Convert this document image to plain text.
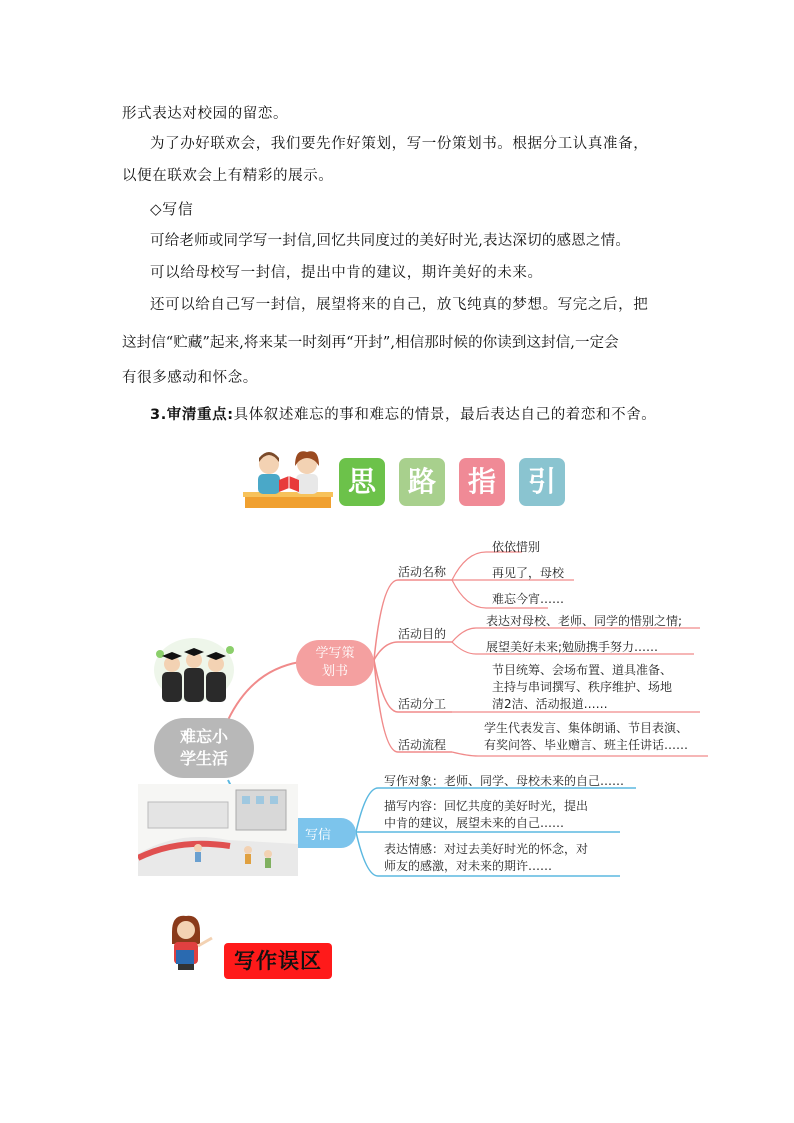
形式表达对校园的留恋。
为了办好联欢会，我们要先作好策划，写一份策划书。根据分工认真准备，
以便在联欢会上有精彩的展示。
◇写信
可给老师或同学写一封信,回忆共同度过的美好时光,表达深切的感恩之情。
可以给母校写一封信，提出中肯的建议，期许美好的未来。
还可以给自己写一封信，展望将来的自己，放飞纯真的梦想。写完之后，把
这封信“贮藏”起来,将来某一时刻再“开封”,相信那时候的你读到这封信,一定会
有很多感动和怀念。
3.审清重点:具体叙述难忘的事和难忘的情景，最后表达自己的着恋和不舍。
思	路	指	引
难忘小
学生活
学写策
划书
写信
活动名称
依依惜别
再见了，母校
难忘今宵……
活动目的
表达对母校、老师、同学的惜别之情;
展望美好未来;勉励携手努力……
活动分工
节目统筹、会场布置、道具准备、
主持与串词撰写、秩序维护、场地
清2洁、活动报道……
活动流程
学生代表发言、集体朗诵、节目表演、
有奖问答、毕业赠言、班主任讲话……
写作对象：老师、同学、母校未来的自己……
描写内容：回忆共度的美好时光，提出
中肯的建议，展望未来的自己……
表达情感：对过去美好时光的怀念，对
师友的感激，对未来的期许……
写作误区
